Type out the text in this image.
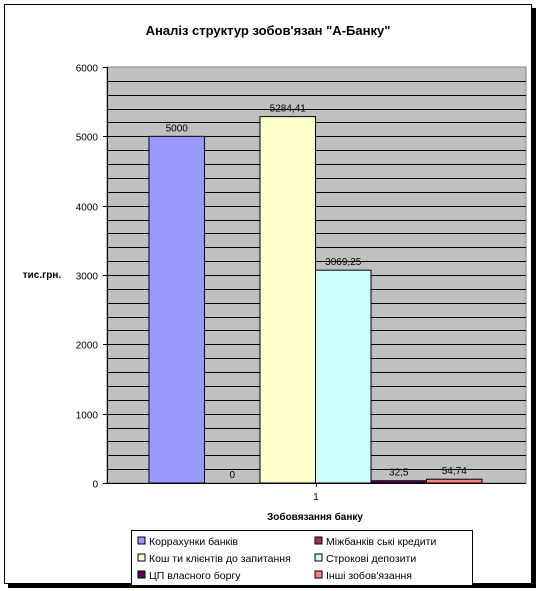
Аналіз структур зобов'язан "А-Банку"
0
1000
2000
3000
4000
5000
6000
5000
0
5284,41
3069,25
32,5	54,74
1
тис.грн.
Зобовязання банку
Корраxунки банків	Міжбанків ські кредити
Кош ти клієнтів до запитання	Строкові депозити
ЦП власного боргу	Інші зобов'язання
